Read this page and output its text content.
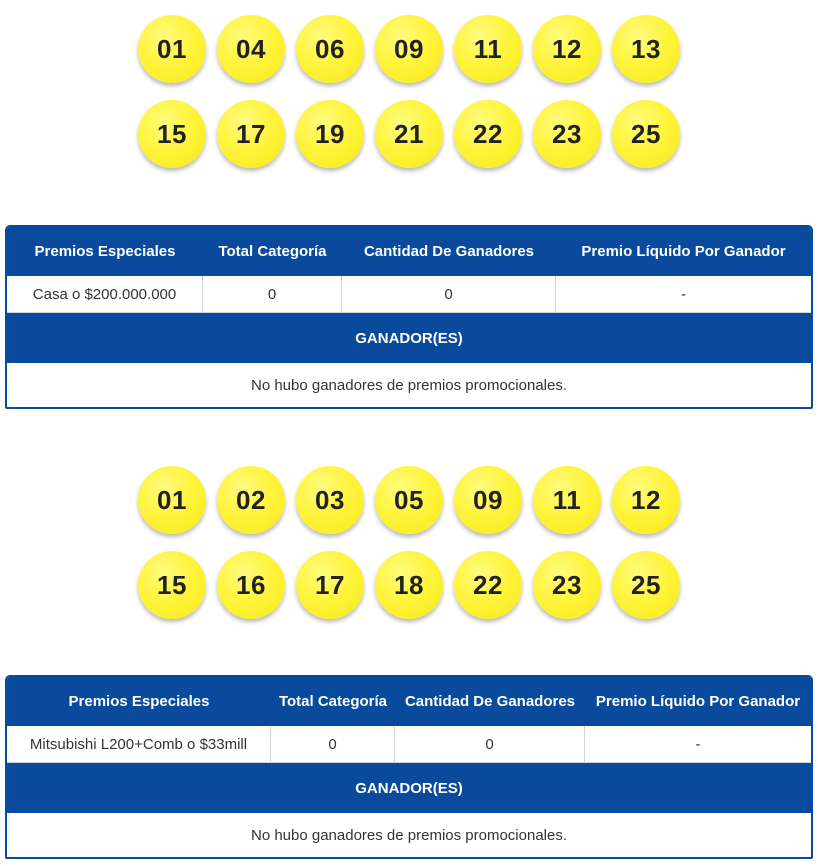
01	04	06	09	11	12	13
15	17	19	21	22	23	25
Premios Especiales	Total Categoría	Cantidad De Ganadores	Premio Líquido Por Ganador
Casa o $200.000.000	0	0	-
GANADOR(ES)
No hubo ganadores de premios promocionales.
01	02	03	05	09	11	12
15	16	17	18	22	23	25
Premios Especiales	Total Categoría	Cantidad De Ganadores	Premio Líquido Por Ganador
Mitsubishi L200+Comb o $33mill	0	0	-
GANADOR(ES)
No hubo ganadores de premios promocionales.
